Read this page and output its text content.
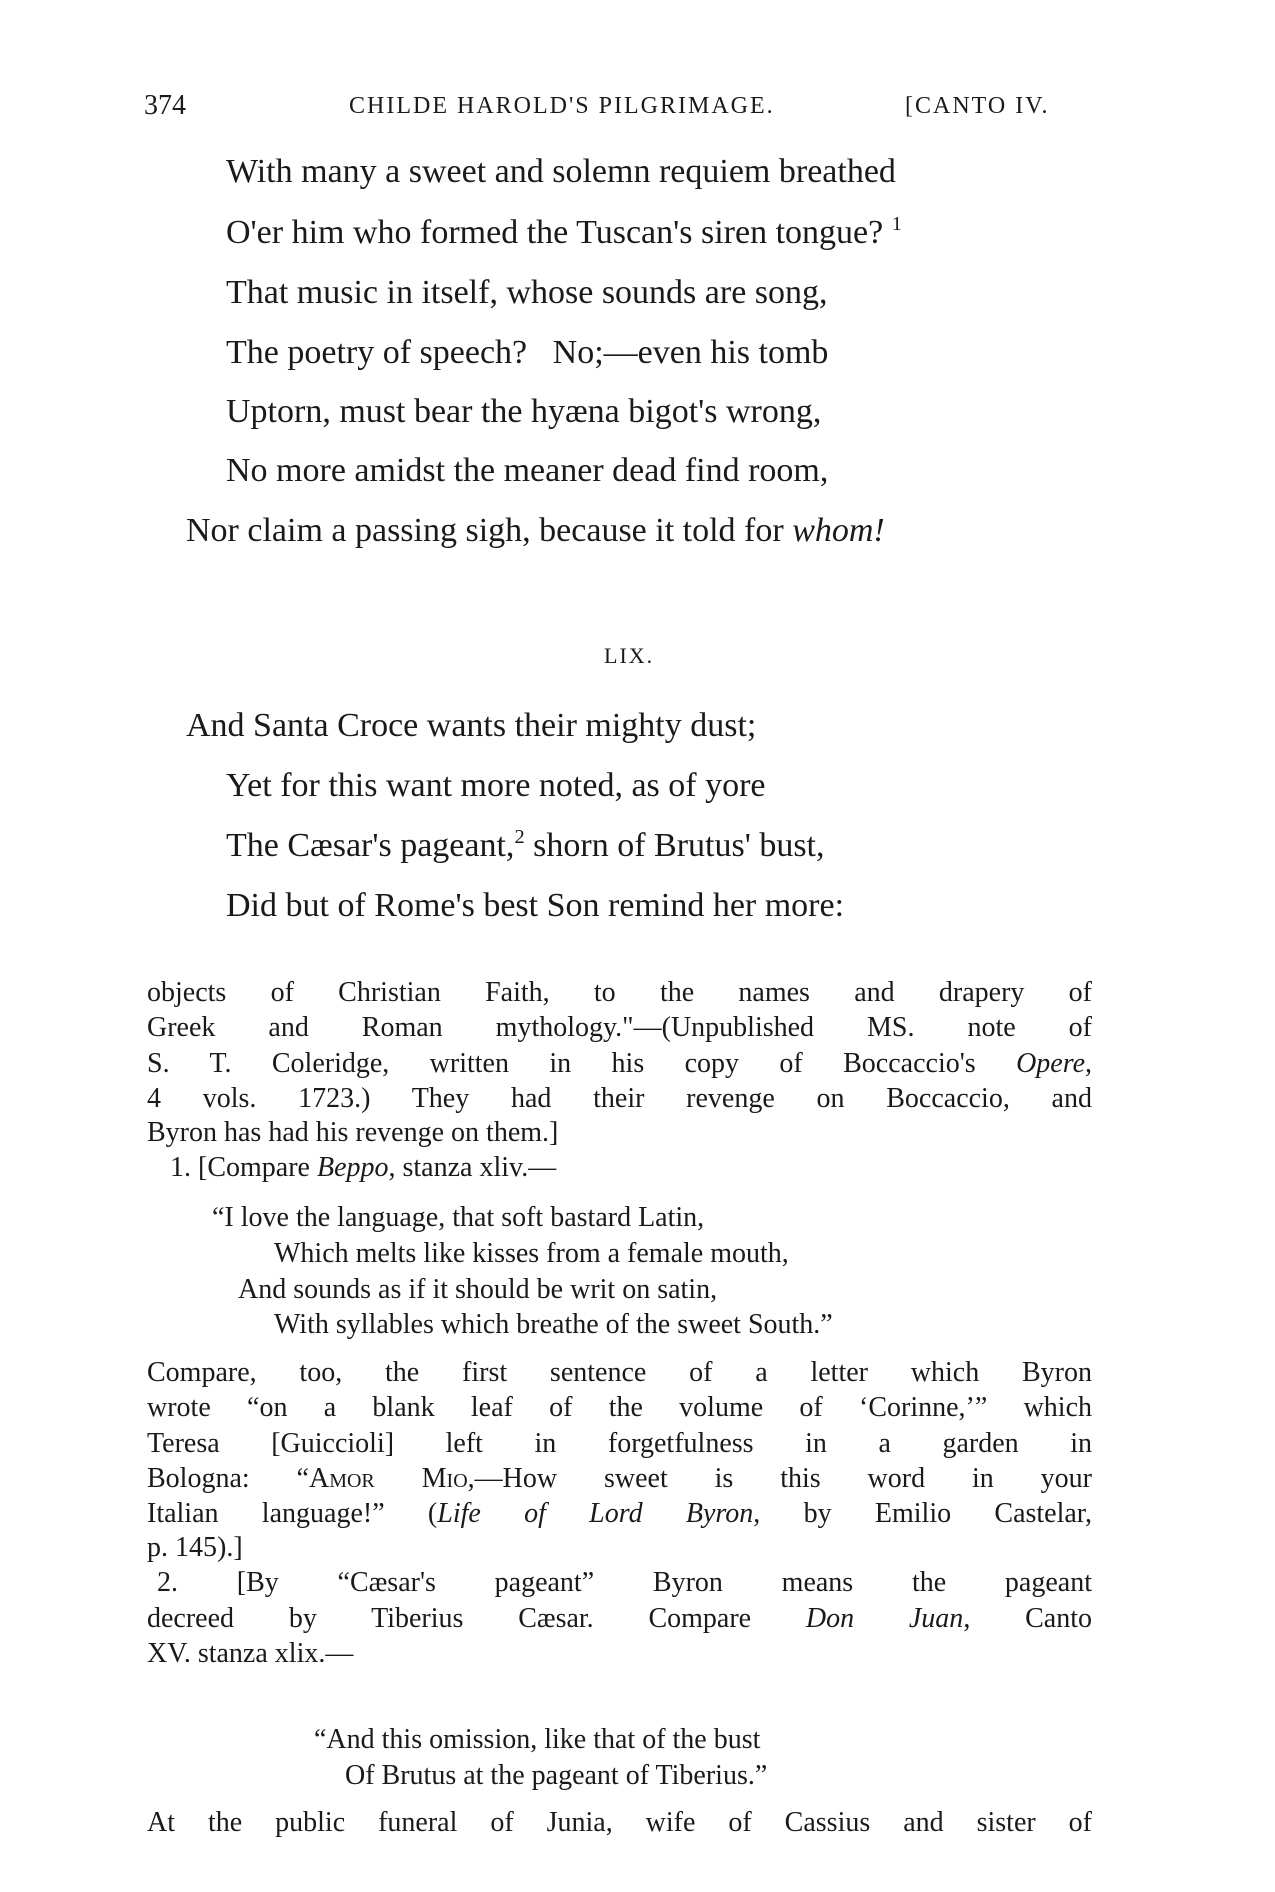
374	CHILDE HAROLD'S PILGRIMAGE.	[CANTO IV.
With many a sweet and solemn requiem breathed
O'er him who formed the Tuscan's siren tongue? $^1$
That music in itself, whose sounds are song,
The poetry of speech?   No;—even his tomb
Uptorn, must bear the hyæna bigot's wrong,
No more amidst the meaner dead find room,
Nor claim a passing sigh, because it told for whom!
LIX.
And Santa Croce wants their mighty dust;
Yet for this want more noted, as of yore
The Cæsar's pageant,$^2$ shorn of Brutus' bust,
Did but of Rome's best Son remind her more:
objects of Christian Faith, to the names and drapery of
Greek and Roman mythology."—(Unpublished MS. note of
S. T. Coleridge, written in his copy of Boccaccio's Opere,
4 vols. 1723.) They had their revenge on Boccaccio, and
Byron has had his revenge on them.]
1. [Compare Beppo, stanza xliv.—
“I love the language, that soft bastard Latin,
Which melts like kisses from a female mouth,
And sounds as if it should be writ on satin,
With syllables which breathe of the sweet South.”
Compare, too, the first sentence of a letter which Byron
wrote “on a blank leaf of the volume of ‘Corinne,’” which
Teresa [Guiccioli] left in forgetfulness in a garden in
Bologna: “Amor Mio,—How sweet is this word in your
Italian language!” (Life of Lord Byron, by Emilio Castelar,
p. 145).]
2. [By “Cæsar's pageant” Byron means the pageant
decreed by Tiberius Cæsar. Compare Don Juan, Canto
XV. stanza xlix.—
“And this omission, like that of the bust
Of Brutus at the pageant of Tiberius.”
At the public funeral of Junia, wife of Cassius and sister of
